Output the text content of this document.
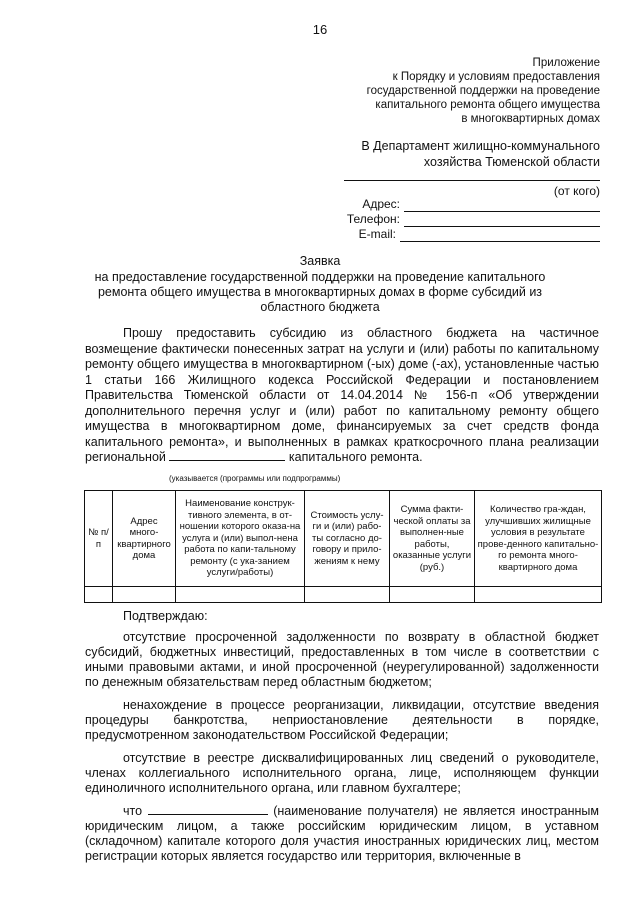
16
Приложение
к Порядку и условиям предоставления
государственной поддержки на проведение
капитального ремонта общего имущества
в многоквартирных домах
В Департамент жилищно-коммунального
хозяйства Тюменской области
(от кого)
Адрес:
Телефон:
E-mail:
Заявка
на предоставление государственной поддержки на проведение капитального
ремонта общего имущества в многоквартирных домах в форме субсидий из
областного бюджета
Прошу предоставить субсидию из областного бюджета на частичное возмещение фактически понесенных затрат на услуги и (или) работы по капитальному ремонту общего имущества в многоквартирном (-ых) доме (-ах), установленные частью 1 статьи 166 Жилищного кодекса Российской Федерации и постановлением Правительства Тюменской области от 14.04.2014 № 156-п «Об утверждении дополнительного перечня услуг и (или) работ по капитальному ремонту общего имущества в многоквартирном доме, финансируемых за счет средств фонда капитального ремонта», и выполненных в рамках краткосрочного плана реализации региональной	капитального ремонта.
(указывается (программы или подпрограммы)
№ п/п	Адрес много-квартирного дома	Наименование конструк-тивного элемента, в от-ношении которого оказа-на услуга и (или) выпол-нена работа по капи-тальному ремонту (с ука-занием услуги/работы)	Стоимость услу-ги и (или) рабо-ты согласно до-говору и прило-жениям к нему	Сумма факти-ческой оплаты за выполнен-ные работы, оказанные услуги (руб.)	Количество гра-ждан, улучшивших жилищные условия в результате прове-денного капитально-го ремонта много-квартирного дома

Подтверждаю:

отсутствие просроченной задолженности по возврату в областной бюджет субсидий, бюджетных инвестиций, предоставленных в том числе в соответствии с иными правовыми актами, и иной просроченной (неурегулированной) задолженности по денежным обязательствам перед областным бюджетом;

ненахождение в процессе реорганизации, ликвидации, отсутствие введения процедуры банкротства, неприостановление деятельности в порядке, предусмотренном законодательством Российской Федерации;

отсутствие в реестре дисквалифицированных лиц сведений о руководителе, членах коллегиального исполнительного органа, лице, исполняющем функции единоличного исполнительного органа, или главном бухгалтере;

что	(наименование получателя) не является иностранным юридическим лицом, а также российским юридическим лицом, в уставном (складочном) капитале которого доля участия иностранных юридических лиц, местом регистрации которых является государство или территория, включенные в
